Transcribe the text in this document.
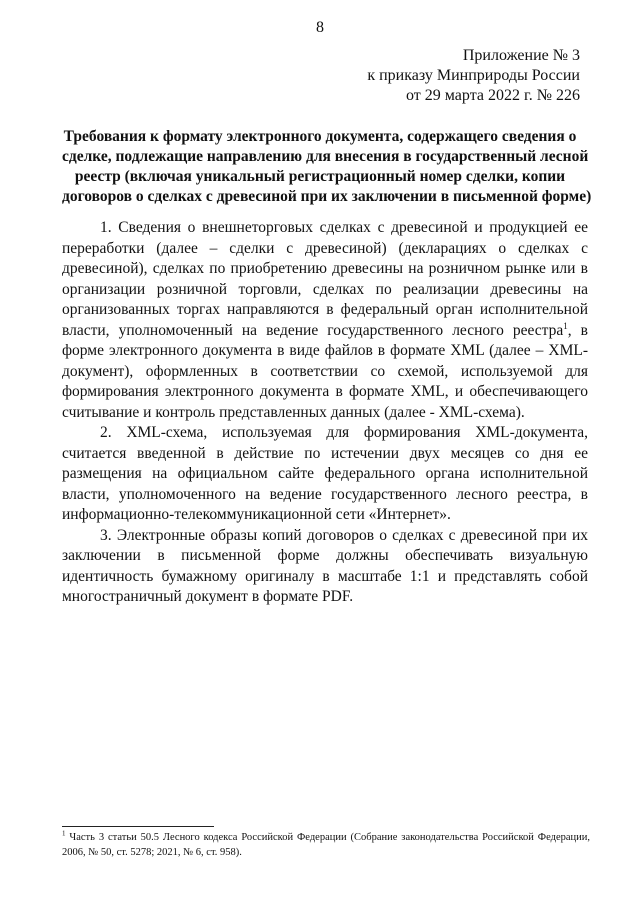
8
Приложение № 3
к приказу Минприроды России
от 29 марта 2022 г. № 226
Требования к формату электронного документа, содержащего сведения о
сделке, подлежащие направлению для внесения в государственный лесной
реестр (включая уникальный регистрационный номер сделки, копии
договоров о сделках с древесиной при их заключении в письменной форме)

1. Сведения о внешнеторговых сделках с древесиной и продукцией ее переработки (далее – сделки с древесиной) (декларациях о сделках с древесиной), сделках по приобретению древесины на розничном рынке или в организации розничной торговли, сделках по реализации древесины на организованных торгах направляются в федеральный орган исполнительной власти, уполномоченный на ведение государственного лесного реестра$^1$, в форме электронного документа в виде файлов в формате XML (далее – XML-документ), оформленных в соответствии со схемой, используемой для формирования электронного документа в формате XML, и обеспечивающего считывание и контроль представленных данных (далее - XML-схема).

2. XML-схема, используемая для формирования XML-документа, считается введенной в действие по истечении двух месяцев со дня ее размещения на официальном сайте федерального органа исполнительной власти, уполномоченного на ведение государственного лесного реестра, в информационно-телекоммуникационной сети «Интернет».

3. Электронные образы копий договоров о сделках с древесиной при их заключении в письменной форме должны обеспечивать визуальную идентичность бумажному оригиналу в масштабе 1:1 и представлять собой многостраничный документ в формате PDF.

$^1$ Часть 3 статьи 50.5 Лесного кодекса Российской Федерации (Собрание законодательства Российской Федерации, 2006, № 50, ст. 5278; 2021, № 6, ст. 958).
